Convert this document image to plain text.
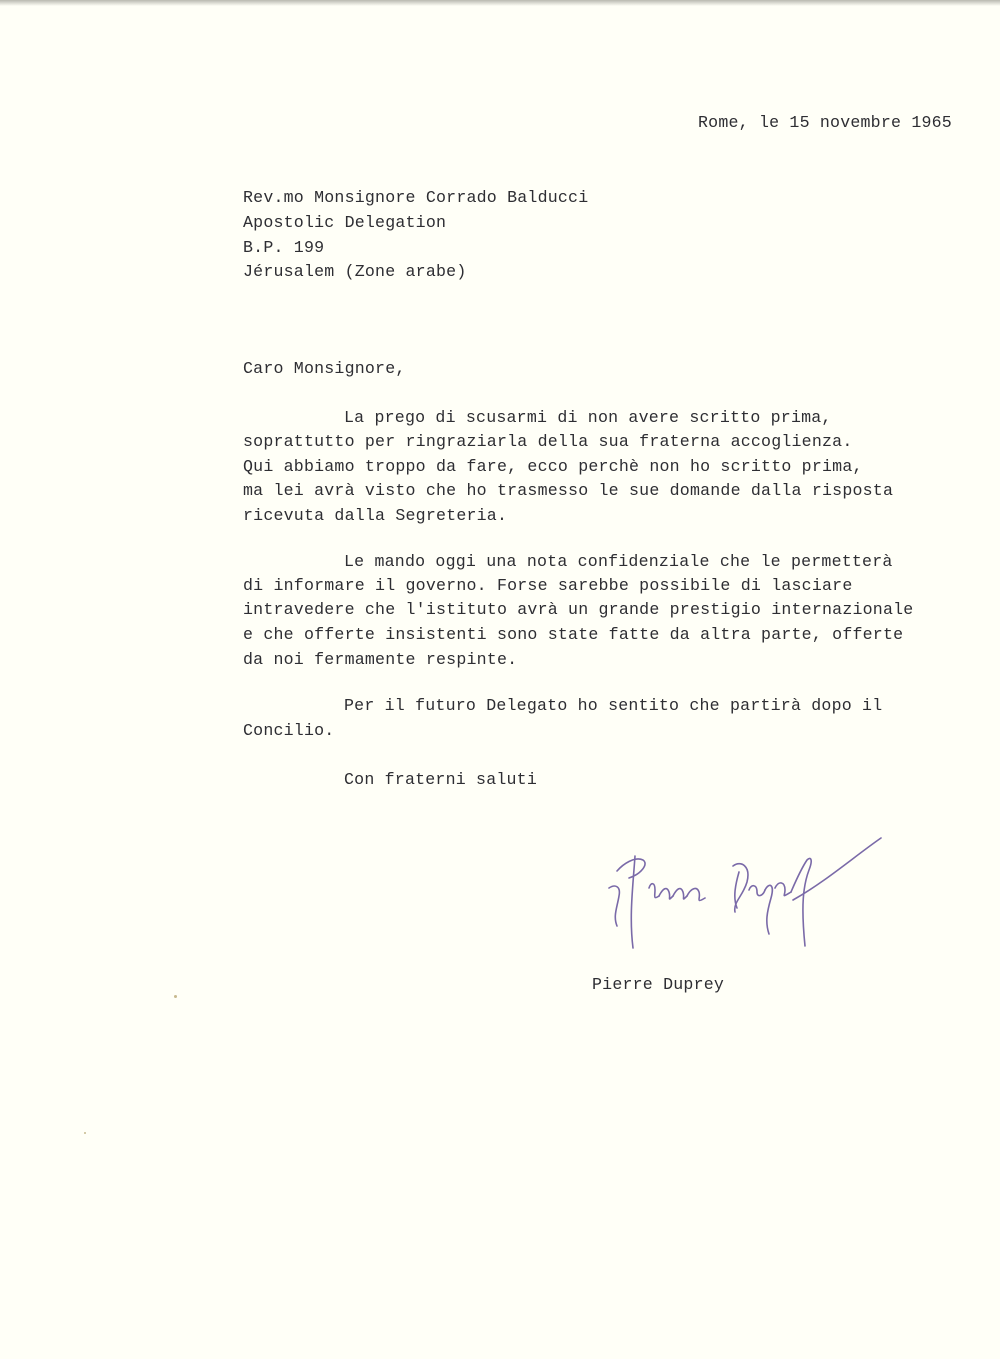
Rome, le 15 novembre 1965
Rev.mo Monsignore Corrado Balducci
Apostolic Delegation
B.P. 199
Jérusalem (Zone arabe)
Caro Monsignore,
La prego di scusarmi di non avere scritto prima,
soprattutto per ringraziarla della sua fraterna accoglienza.
Qui abbiamo troppo da fare, ecco perchè non ho scritto prima,
ma lei avrà visto che ho trasmesso le sue domande dalla risposta
ricevuta dalla Segreteria.
Le mando oggi una nota confidenziale che le permetterà
di informare il governo. Forse sarebbe possibile di lasciare
intravedere che l'istituto avrà un grande prestigio internazionale
e che offerte insistenti sono state fatte da altra parte, offerte
da noi fermamente respinte.
Per il futuro Delegato ho sentito che partirà dopo il
Concilio.
Con fraterni saluti
Pierre Duprey
